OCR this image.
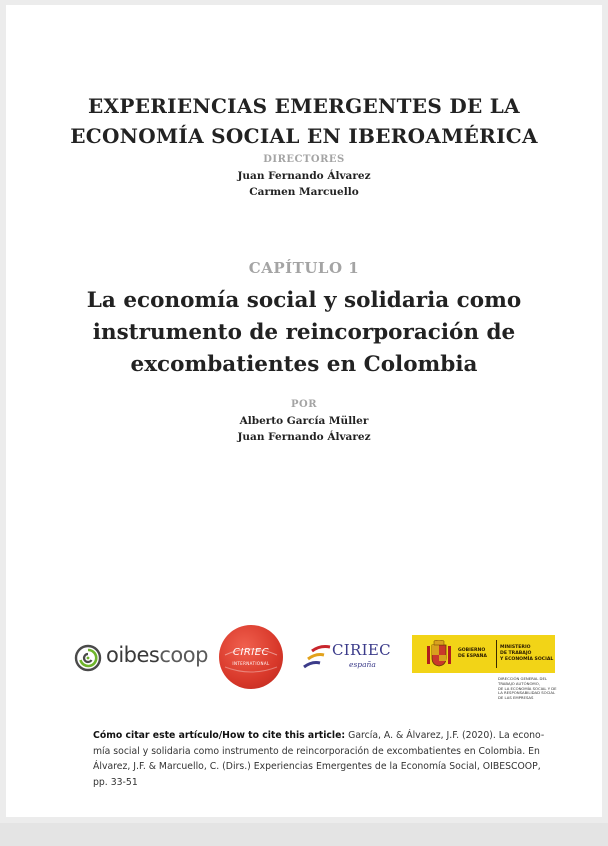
EXPERIENCIAS EMERGENTES DE LA
ECONOMÍA SOCIAL EN IBEROAMÉRICA
DIRECTORES
Juan Fernando Álvarez
Carmen Marcuello
CAPÍTULO 1
La economía social y solidaria como
instrumento de reincorporación de
excombatientes en Colombia
POR
Alberto García Müller
Juan Fernando Álvarez
oibescoop	CIRIEC
INTERNATIONAL
CIRIEC
españa
GOBIERNO
DE ESPAÑA
MINISTERIO
DE TRABAJO
Y ECONOMÍA SOCIAL
DIRECCIÓN GENERAL DEL
TRABAJO AUTÓNOMO,
DE LA ECONOMÍA SOCIAL Y DE
LA RESPONSABILIDAD SOCIAL
DE LAS EMPRESAS
Cómo citar este artículo/How to cite this article: García, A. & Álvarez, J.F. (2020). La econo-
mía social y solidaria como instrumento de reincorporación de excombatientes en Colombia. En
Álvarez, J.F. & Marcuello, C. (Dirs.) Experiencias Emergentes de la Economía Social, OIBESCOOP,
pp. 33-51
